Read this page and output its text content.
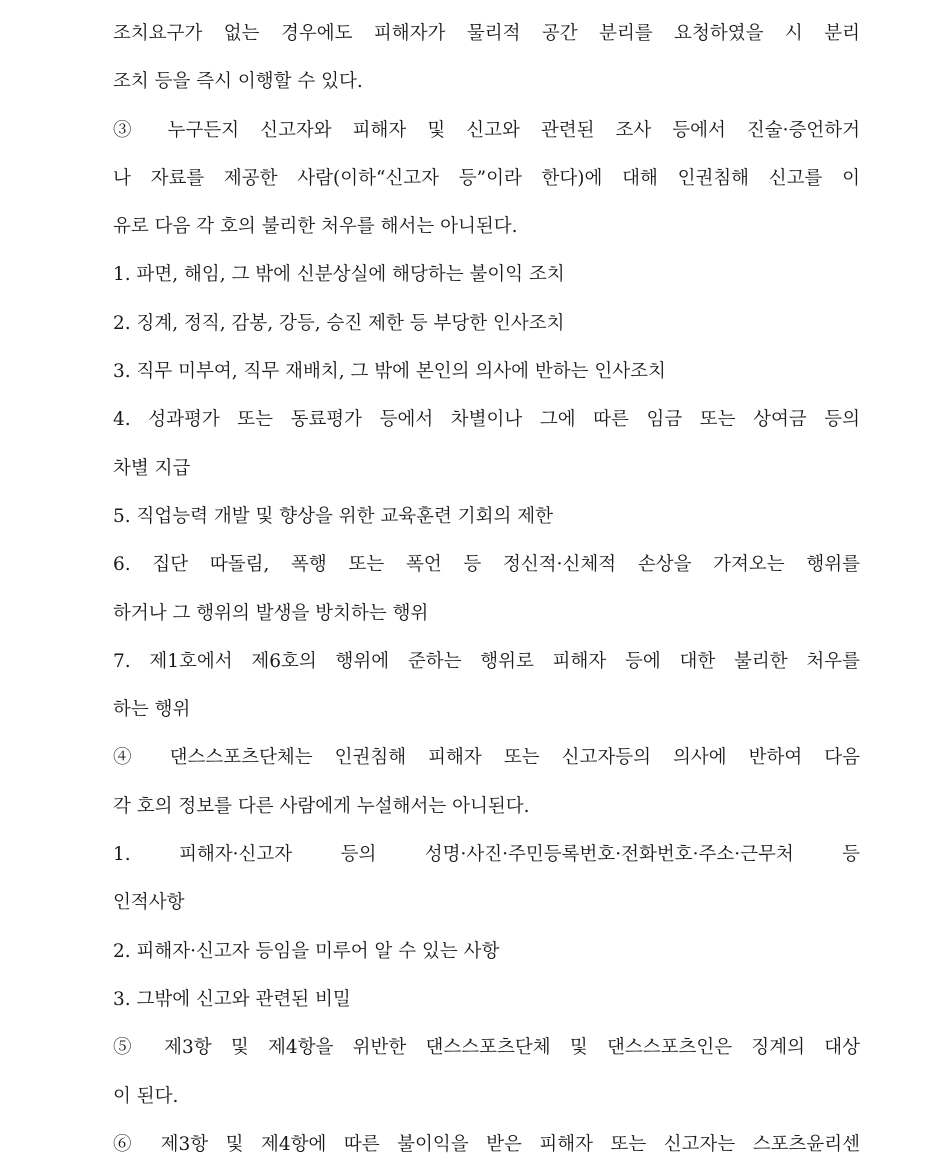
조치요구가 없는 경우에도 피해자가 물리적 공간 분리를 요청하였을 시 분리
조치 등을 즉시 이행할 수 있다.
③ 누구든지 신고자와 피해자 및 신고와 관련된 조사 등에서 진술·증언하거
나 자료를 제공한 사람(이하“신고자 등”이라 한다)에 대해 인권침해 신고를 이
유로 다음 각 호의 불리한 처우를 해서는 아니된다.
1. 파면, 해임, 그 밖에 신분상실에 해당하는 불이익 조치
2. 징계, 정직, 감봉, 강등, 승진 제한 등 부당한 인사조치
3. 직무 미부여, 직무 재배치, 그 밖에 본인의 의사에 반하는 인사조치
4. 성과평가 또는 동료평가 등에서 차별이나 그에 따른 임금 또는 상여금 등의
차별 지급
5. 직업능력 개발 및 향상을 위한 교육훈련 기회의 제한
6. 집단 따돌림, 폭행 또는 폭언 등 정신적·신체적 손상을 가져오는 행위를
하거나 그 행위의 발생을 방치하는 행위
7. 제1호에서 제6호의 행위에 준하는 행위로 피해자 등에 대한 불리한 처우를
하는 행위
④ 댄스스포츠단체는 인권침해 피해자 또는 신고자등의 의사에 반하여 다음
각 호의 정보를 다른 사람에게 누설해서는 아니된다.
1. 피해자·신고자 등의 성명·사진·주민등록번호·전화번호·주소·근무처 등
인적사항
2. 피해자·신고자 등임을 미루어 알 수 있는 사항
3. 그밖에 신고와 관련된 비밀
⑤ 제3항 및 제4항을 위반한 댄스스포츠단체 및 댄스스포츠인은 징계의 대상
이 된다.
⑥ 제3항 및 제4항에 따른 불이익을 받은 피해자 또는 신고자는 스포츠윤리센
